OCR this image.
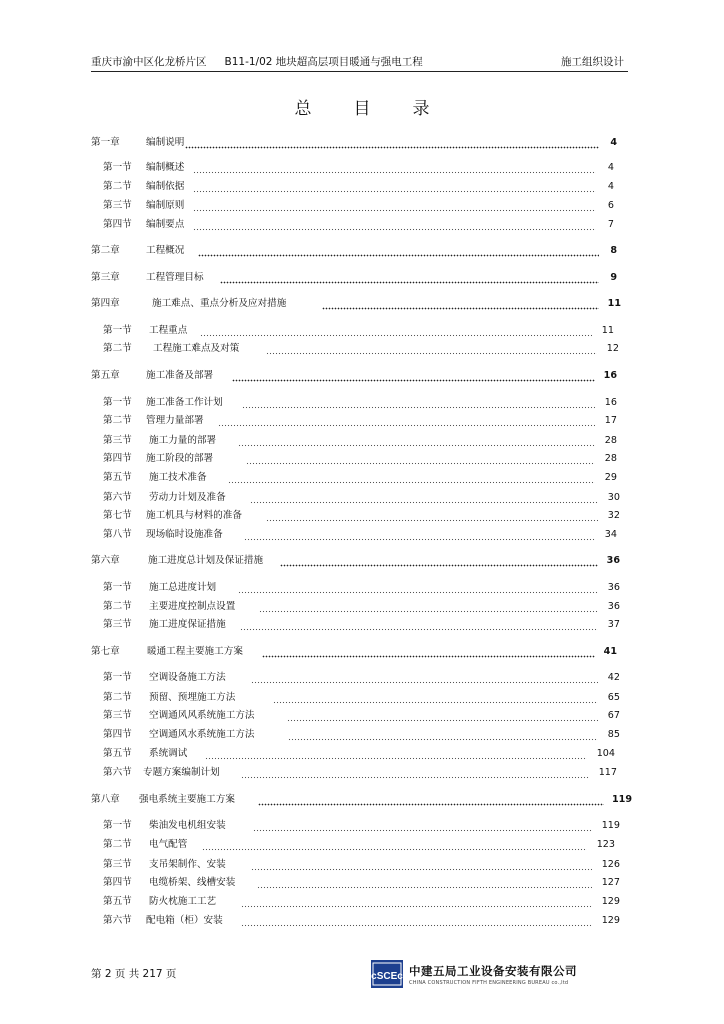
重庆市渝中区化龙桥片区 B11-1/02 地块超高层项目暖通与强电工程	施工组织设计
总目录
第一章	编制说明	4
第一节 编制概述	4
第二节 编制依据	4
第三节 编制原则	6
第四节 编制要点	7
第二章	工程概况	8
第三章	工程管理目标	9
第四章	施工难点、重点分析及应对措施	11
第一节 工程重点	11
第二节 工程施工难点及对策	12
第五章	施工准备及部署	16
第一节 施工准备工作计划	16
第二节 管理力量部署	17
第三节 施工力量的部署	28
第四节 施工阶段的部署	28
第五节 施工技术准备	29
第六节 劳动力计划及准备	30
第七节 施工机具与材料的准备	32
第八节 现场临时设施准备	34
第六章	施工进度总计划及保证措施	36
第一节 施工总进度计划	36
第二节 主要进度控制点设置	36
第三节 施工进度保证措施	37
第七章	暖通工程主要施工方案	41
第一节 空调设备施工方法	42
第二节 预留、预埋施工方法	65
第三节 空调通风风系统施工方法	67
第四节 空调通风水系统施工方法	85
第五节 系统调试	104
第六节 专题方案编制计划	117
第八章 强电系统主要施工方案	119
第一节 柴油发电机组安装	119
第二节 电气配管	123
第三节 支吊架制作、安装	126
第四节 电缆桥架、线槽安装	127
第五节 防火枕施工工艺	129
第六节 配电箱（柜）安装	129
第 2 页 共 217 页	cSCEc 中建五局工业设备安装有限公司
CHINA CONSTRUCTION FIFTH ENGINEERING BUREAU co.,ltd
